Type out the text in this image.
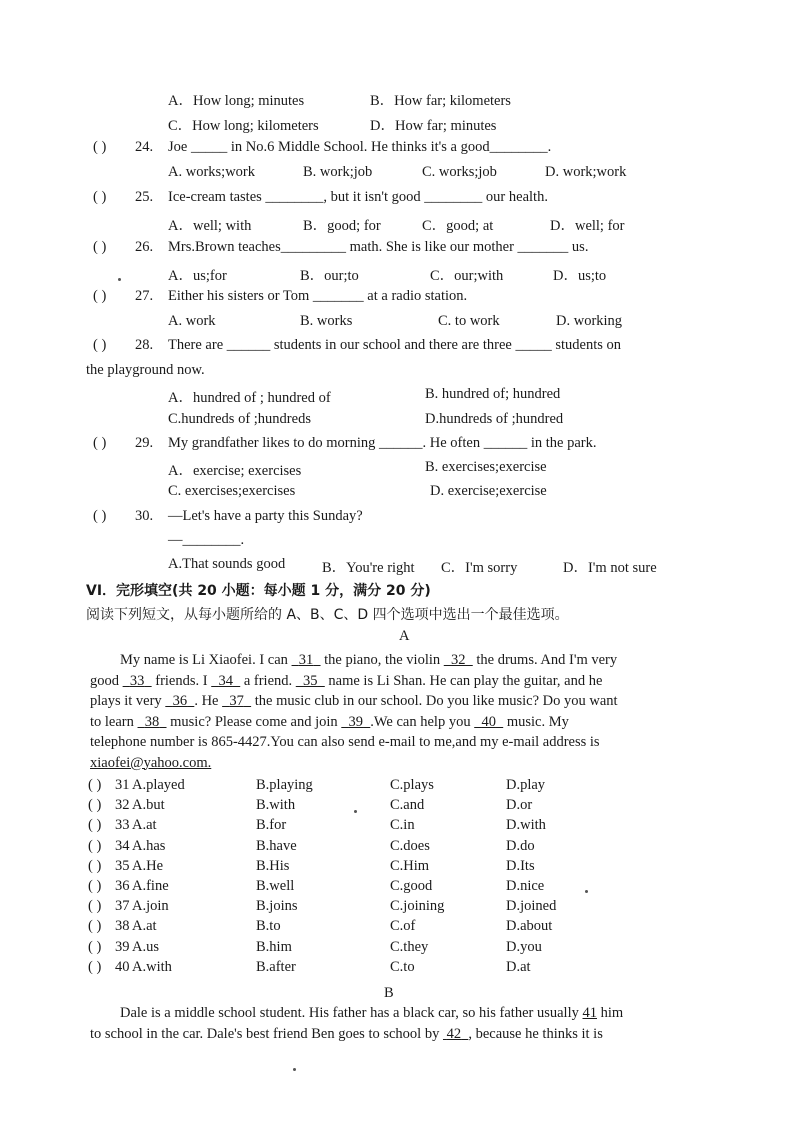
A．How long; minutes	B．How far; kilometers
C．How long; kilometers	D．How far; minutes
( ) 24. Joe _____ in No.6 Middle School. He thinks it's a good________.
A. works;work	B. work;job	C. works;job	D. work;work
( ) 25. Ice-cream tastes ________, but it isn't good ________ our health.
A．well; with	B．good; for	C．good; at	D．well; for
( ) 26. Mrs.Brown teaches_________ math. She is like our mother _______ us.
A．us;for	B．our;to	C．our;with	D．us;to
( ) 27. Either his sisters or Tom _______ at a radio station.
A. work	B. works	C. to work	D. working
( ) 28. There are ______ students in our school and there are three _____ students on
the playground now.
A．hundred of ; hundred of	B. hundred of; hundred
C.hundreds of ;hundreds	D.hundreds of ;hundred
( ) 29. My grandfather likes to do morning ______. He often ______ in the park.
A．exercise; exercises	B. exercises;exercise
C. exercises;exercises	D. exercise;exercise
( ) 30. —Let's have a party this Sunday?
—________.
A.That sounds good	B．You're right C．I'm sorry	D．I'm not sure
VI．完形填空(共 20 小题：每小题 1 分，满分 20 分)
阅读下列短文，从每小题所给的 A、B、C、D 四个选项中选出一个最佳选项。
A

My name is Li Xiaofei. I can   31   the piano, the violin   32   the drums. And I'm very

good   33   friends. I   34   a friend.   35   name is Li Shan. He can play the guitar, and he

plays it very   36 . He   37   the music club in our school. Do you like music? Do you want

to learn   38   music? Please come and join   39 .We can help you   40   music. My

telephone number is 865-4427.You can also send e-mail to me,and my e-mail address is

xiaofei@yahoo.com.

( ) 31 A.played	B.playing	C.plays	D.play
( ) 32 A.but	B.with	C.and	D.or
( ) 33 A.at	B.for	C.in	D.with
( ) 34 A.has	B.have	C.does	D.do
( ) 35 A.He	B.His	C.Him	D.Its
( ) 36 A.fine	B.well	C.good	D.nice
( ) 37 A.join	B.joins	C.joining	D.joined
( ) 38 A.at	B.to	C.of	D.about
( ) 39 A.us	B.him	C.they	D.you
( ) 40 A.with	B.after	C.to	D.at
B
Dale is a middle school student. His father has a black car, so his father usually 41 him
to school in the car. Dale's best friend Ben goes to school by  42 , because he thinks it is
